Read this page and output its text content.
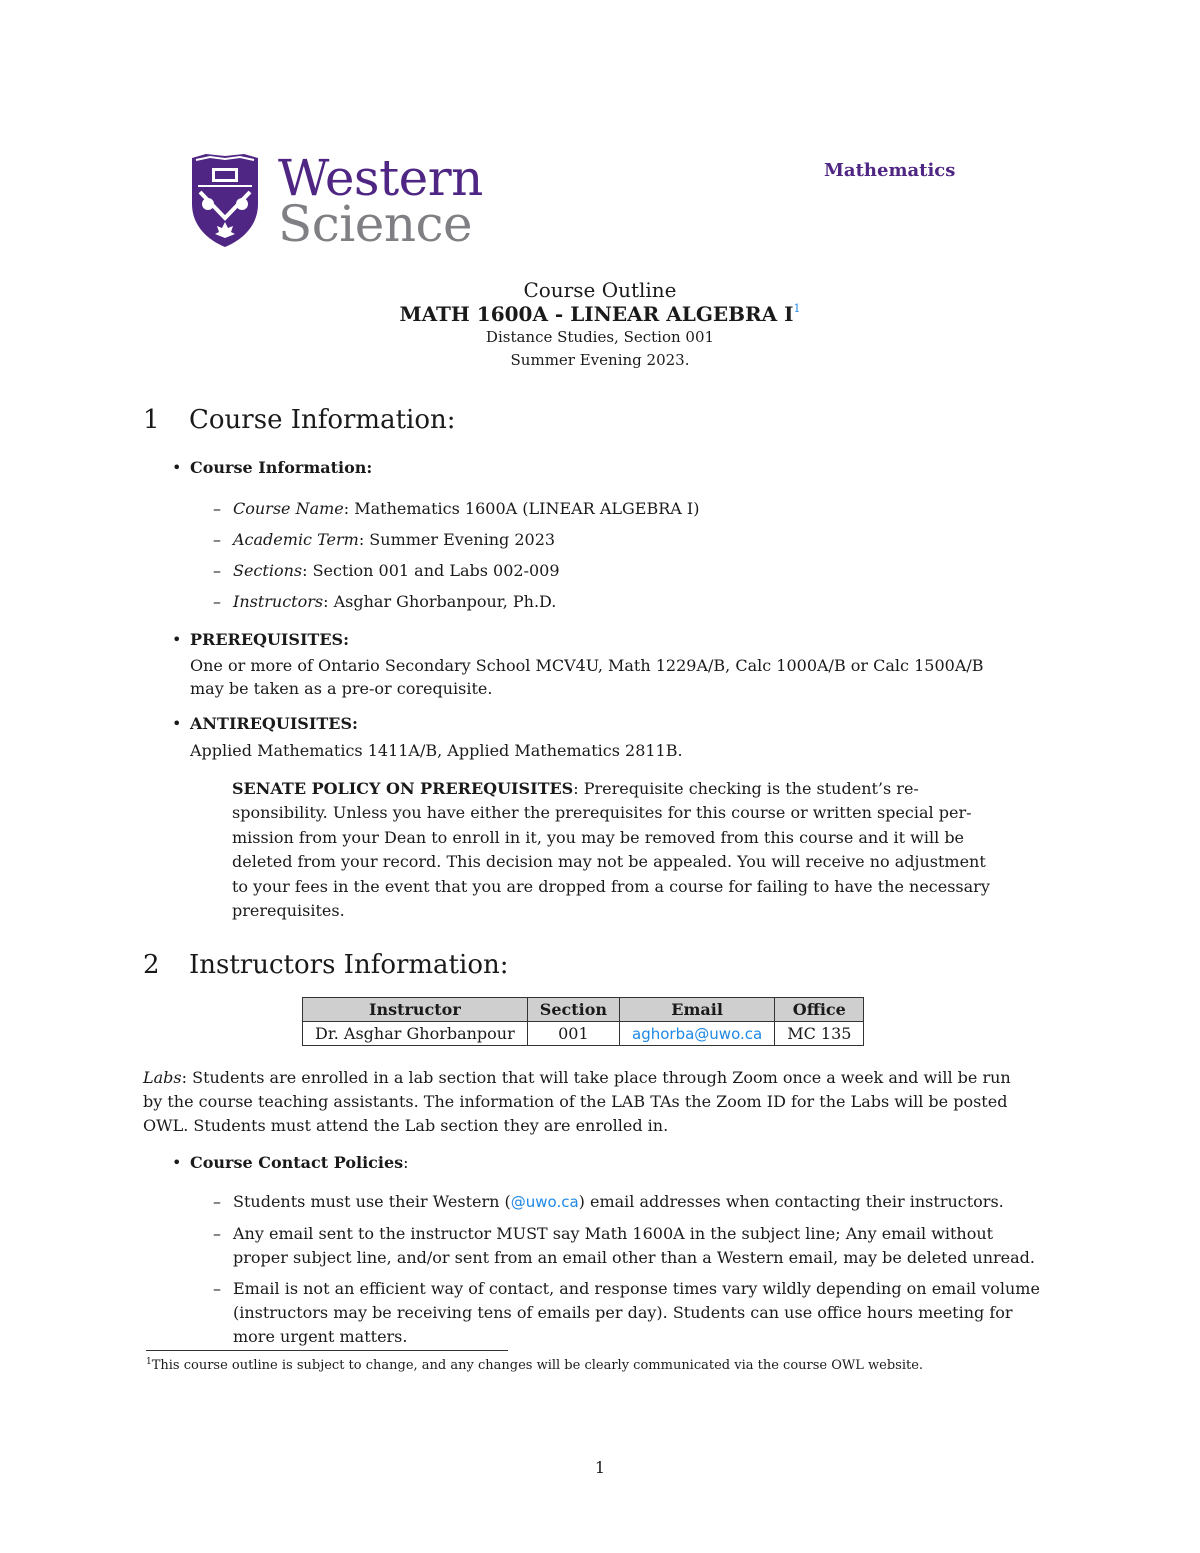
Western
Science
Mathematics
Course Outline
MATH 1600A - LINEAR ALGEBRA $I^1$
Distance Studies, Section 001
Summer Evening 2023.
1 Course Information:
• Course Information:
– Course Name: Mathematics 1600A (LINEAR ALGEBRA I)
– Academic Term: Summer Evening 2023
– Sections: Section 001 and Labs 002-009
– Instructors: Asghar Ghorbanpour, Ph.D.
• PREREQUISITES:
One or more of Ontario Secondary School MCV4U, Math 1229A/B, Calc 1000A/B or Calc 1500A/B
may be taken as a pre-or corequisite.
• ANTIREQUISITES:
Applied Mathematics 1411A/B, Applied Mathematics 2811B.
SENATE POLICY ON PREREQUISITES: Prerequisite checking is the student’s re-
sponsibility. Unless you have either the prerequisites for this course or written special per-
mission from your Dean to enroll in it, you may be removed from this course and it will be
deleted from your record. This decision may not be appealed. You will receive no adjustment
to your fees in the event that you are dropped from a course for failing to have the necessary
prerequisites.
2 Instructors Information:
Instructor	Section	Email	Office
Dr. Asghar Ghorbanpour	001	aghorba@uwo.ca	MC 135
Labs: Students are enrolled in a lab section that will take place through Zoom once a week and will be run
by the course teaching assistants. The information of the LAB TAs the Zoom ID for the Labs will be posted
OWL. Students must attend the Lab section they are enrolled in.
• Course Contact Policies:
– Students must use their Western (@uwo.ca) email addresses when contacting their instructors.
– Any email sent to the instructor MUST say Math 1600A in the subject line; Any email without
proper subject line, and/or sent from an email other than a Western email, may be deleted unread.
– Email is not an efficient way of contact, and response times vary wildly depending on email volume
(instructors may be receiving tens of emails per day). Students can use office hours meeting for
more urgent matters.
$^1$This course outline is subject to change, and any changes will be clearly communicated via the course OWL website.
1
